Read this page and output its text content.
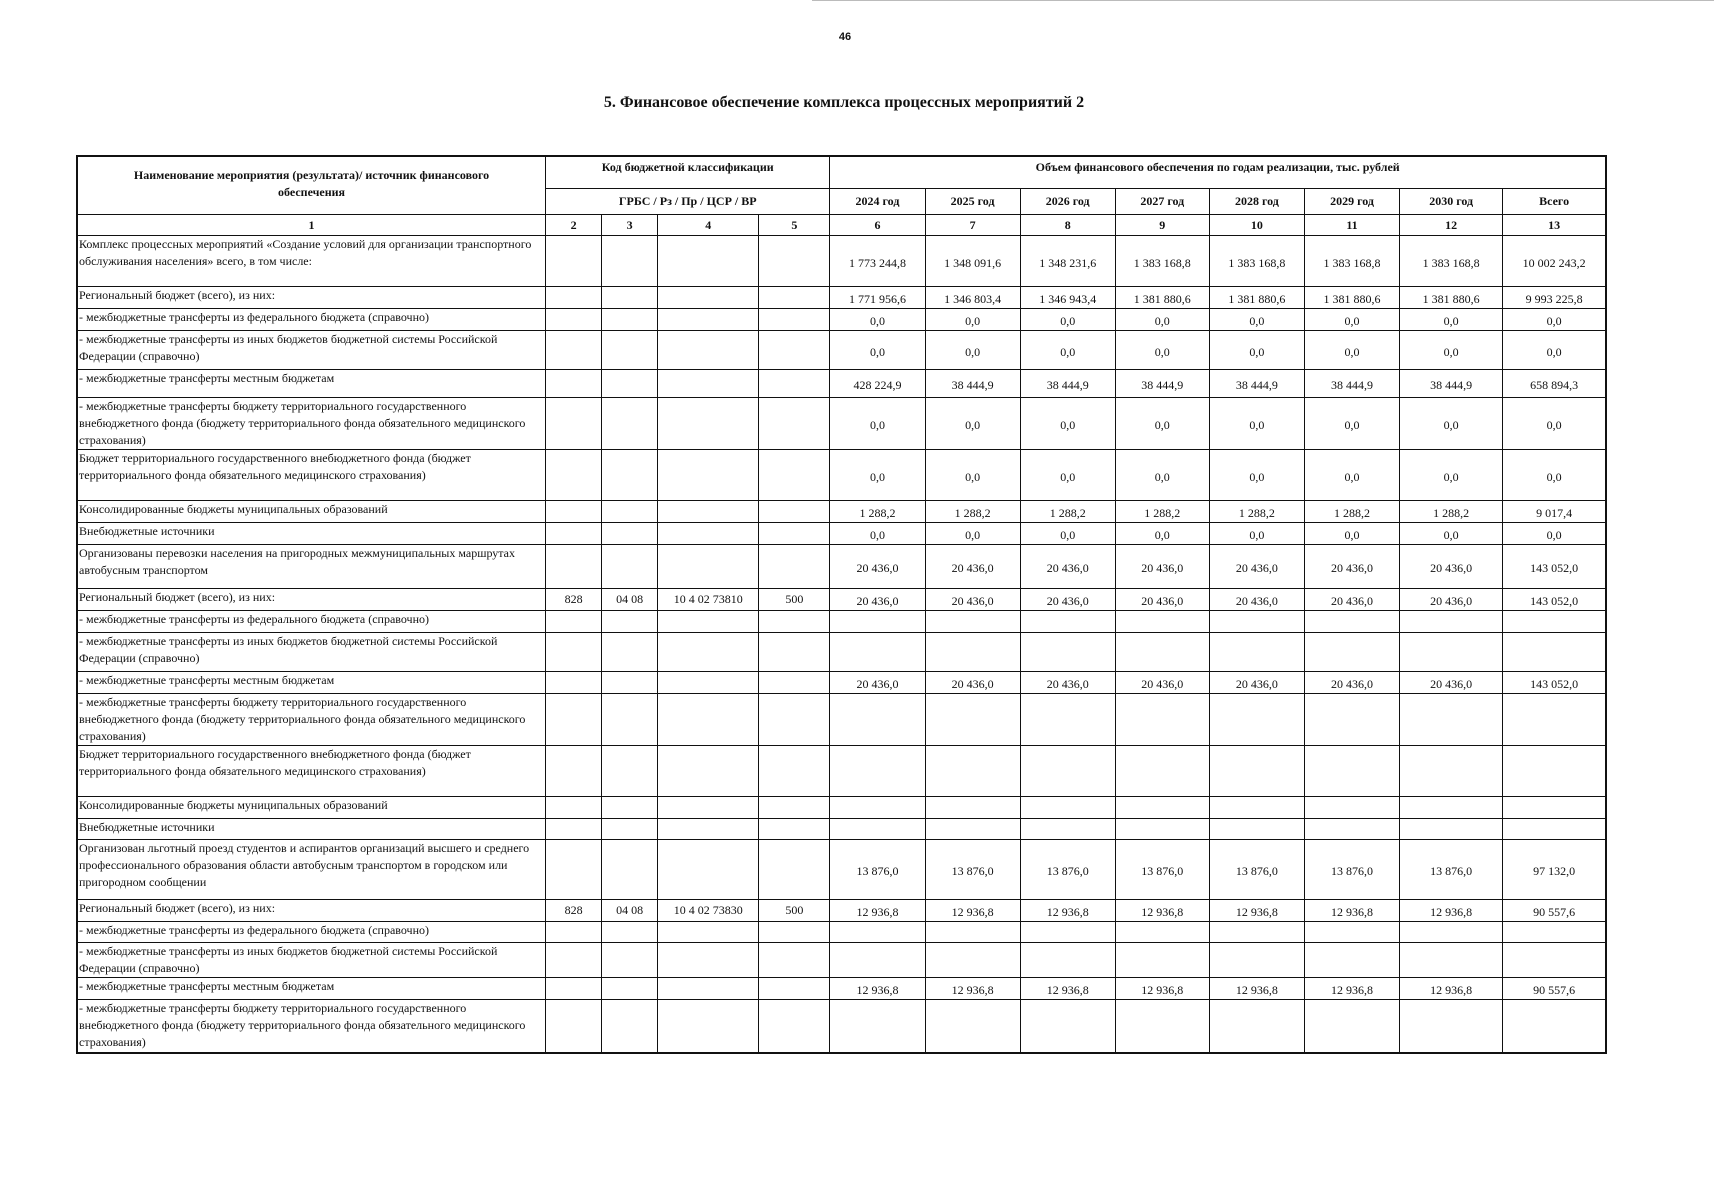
46
5. Финансовое обеспечение комплекса процессных мероприятий 2
Наименование мероприятия (результата)/ источник финансового обеспечения	Код бюджетной классификации				Объем финансового обеспечения по годам реализации, тыс. рублей							
	ГРБС / Рз / Пр / ЦСР / ВР				2024 год	2025 год	2026 год	2027 год	2028 год	2029 год	2030 год	Всего
1	2	3	4	5	6	7	8	9	10	11	12	13
Комплекс процессных мероприятий «Создание условий для организации транспортного обслуживания населения» всего, в том числе:					1 773 244,8	1 348 091,6	1 348 231,6	1 383 168,8	1 383 168,8	1 383 168,8	1 383 168,8	10 002 243,2
Региональный бюджет (всего), из них:					1 771 956,6	1 346 803,4	1 346 943,4	1 381 880,6	1 381 880,6	1 381 880,6	1 381 880,6	9 993 225,8
- межбюджетные трансферты из федерального бюджета (справочно)					0,0	0,0	0,0	0,0	0,0	0,0	0,0	0,0
- межбюджетные трансферты из иных бюджетов бюджетной системы Российской Федерации (справочно)					0,0	0,0	0,0	0,0	0,0	0,0	0,0	0,0
- межбюджетные трансферты местным бюджетам					428 224,9	38 444,9	38 444,9	38 444,9	38 444,9	38 444,9	38 444,9	658 894,3
- межбюджетные трансферты бюджету территориального государственного внебюджетного фонда (бюджету территориального фонда обязательного медицинского страхования)					0,0	0,0	0,0	0,0	0,0	0,0	0,0	0,0
Бюджет территориального государственного внебюджетного фонда (бюджет территориального фонда обязательного медицинского страхования)					0,0	0,0	0,0	0,0	0,0	0,0	0,0	0,0
Консолидированные бюджеты муниципальных образований					1 288,2	1 288,2	1 288,2	1 288,2	1 288,2	1 288,2	1 288,2	9 017,4
Внебюджетные источники					0,0	0,0	0,0	0,0	0,0	0,0	0,0	0,0
Организованы перевозки населения на пригородных межмуниципальных маршрутах автобусным транспортом					20 436,0	20 436,0	20 436,0	20 436,0	20 436,0	20 436,0	20 436,0	143 052,0
Региональный бюджет (всего), из них:	828	04 08	10 4 02 73810	500	20 436,0	20 436,0	20 436,0	20 436,0	20 436,0	20 436,0	20 436,0	143 052,0
- межбюджетные трансферты из федерального бюджета (справочно)												
- межбюджетные трансферты из иных бюджетов бюджетной системы Российской Федерации (справочно)												
- межбюджетные трансферты местным бюджетам					20 436,0	20 436,0	20 436,0	20 436,0	20 436,0	20 436,0	20 436,0	143 052,0
- межбюджетные трансферты бюджету территориального государственного внебюджетного фонда (бюджету территориального фонда обязательного медицинского страхования)												
Бюджет территориального государственного внебюджетного фонда (бюджет территориального фонда обязательного медицинского страхования)												
Консолидированные бюджеты муниципальных образований												
Внебюджетные источники												
Организован льготный проезд студентов и аспирантов организаций высшего и среднего профессионального образования области автобусным транспортом в городском или пригородном сообщении					13 876,0	13 876,0	13 876,0	13 876,0	13 876,0	13 876,0	13 876,0	97 132,0
Региональный бюджет (всего), из них:	828	04 08	10 4 02 73830	500	12 936,8	12 936,8	12 936,8	12 936,8	12 936,8	12 936,8	12 936,8	90 557,6
- межбюджетные трансферты из федерального бюджета (справочно)												
- межбюджетные трансферты из иных бюджетов бюджетной системы Российской Федерации (справочно)												
- межбюджетные трансферты местным бюджетам					12 936,8	12 936,8	12 936,8	12 936,8	12 936,8	12 936,8	12 936,8	90 557,6
- межбюджетные трансферты бюджету территориального государственного внебюджетного фонда (бюджету территориального фонда обязательного медицинского страхования)												
